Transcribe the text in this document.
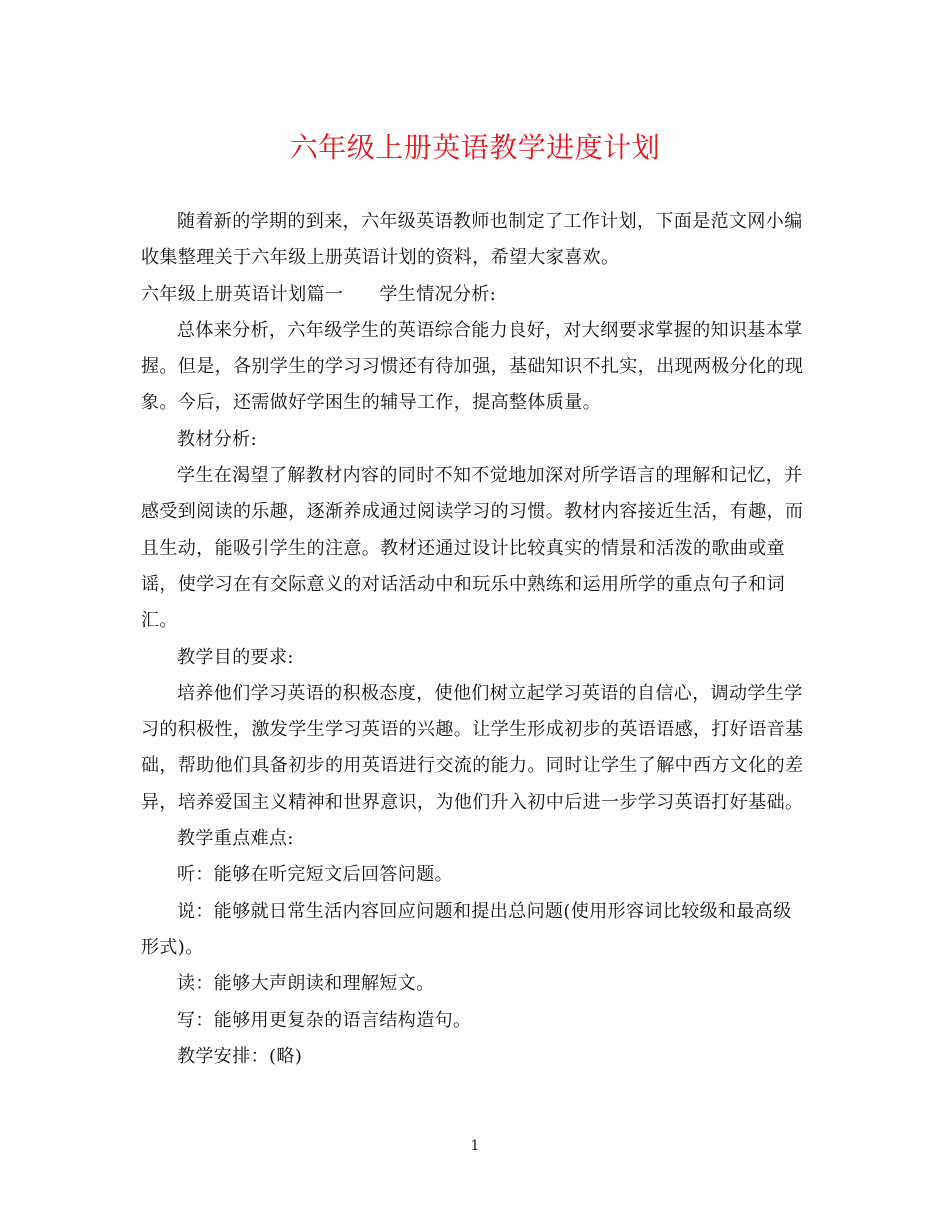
六年级上册英语教学进度计划

随着新的学期的到来，六年级英语教师也制定了工作计划，下面是范文网小编收集整理关于六年级上册英语计划的资料，希望大家喜欢。

六年级上册英语计划篇一 学生情况分析:

总体来分析，六年级学生的英语综合能力良好，对大纲要求掌握的知识基本掌握。但是，各别学生的学习习惯还有待加强，基础知识不扎实，出现两极分化的现象。今后，还需做好学困生的辅导工作，提高整体质量。

教材分析:

学生在渴望了解教材内容的同时不知不觉地加深对所学语言的理解和记忆，并感受到阅读的乐趣，逐渐养成通过阅读学习的习惯。教材内容接近生活，有趣，而且生动，能吸引学生的注意。教材还通过设计比较真实的情景和活泼的歌曲或童谣，使学习在有交际意义的对话活动中和玩乐中熟练和运用所学的重点句子和词汇。

教学目的要求:

培养他们学习英语的积极态度，使他们树立起学习英语的自信心，调动学生学习的积极性，激发学生学习英语的兴趣。让学生形成初步的英语语感，打好语音基础，帮助他们具备初步的用英语进行交流的能力。同时让学生了解中西方文化的差异，培养爱国主义精神和世界意识，为他们升入初中后进一步学习英语打好基础。

教学重点难点:

听：能够在听完短文后回答问题。

说：能够就日常生活内容回应问题和提出总问题(使用形容词比较级和最高级形式)。

读：能够大声朗读和理解短文。

写：能够用更复杂的语言结构造句。

教学安排：(略)

1
